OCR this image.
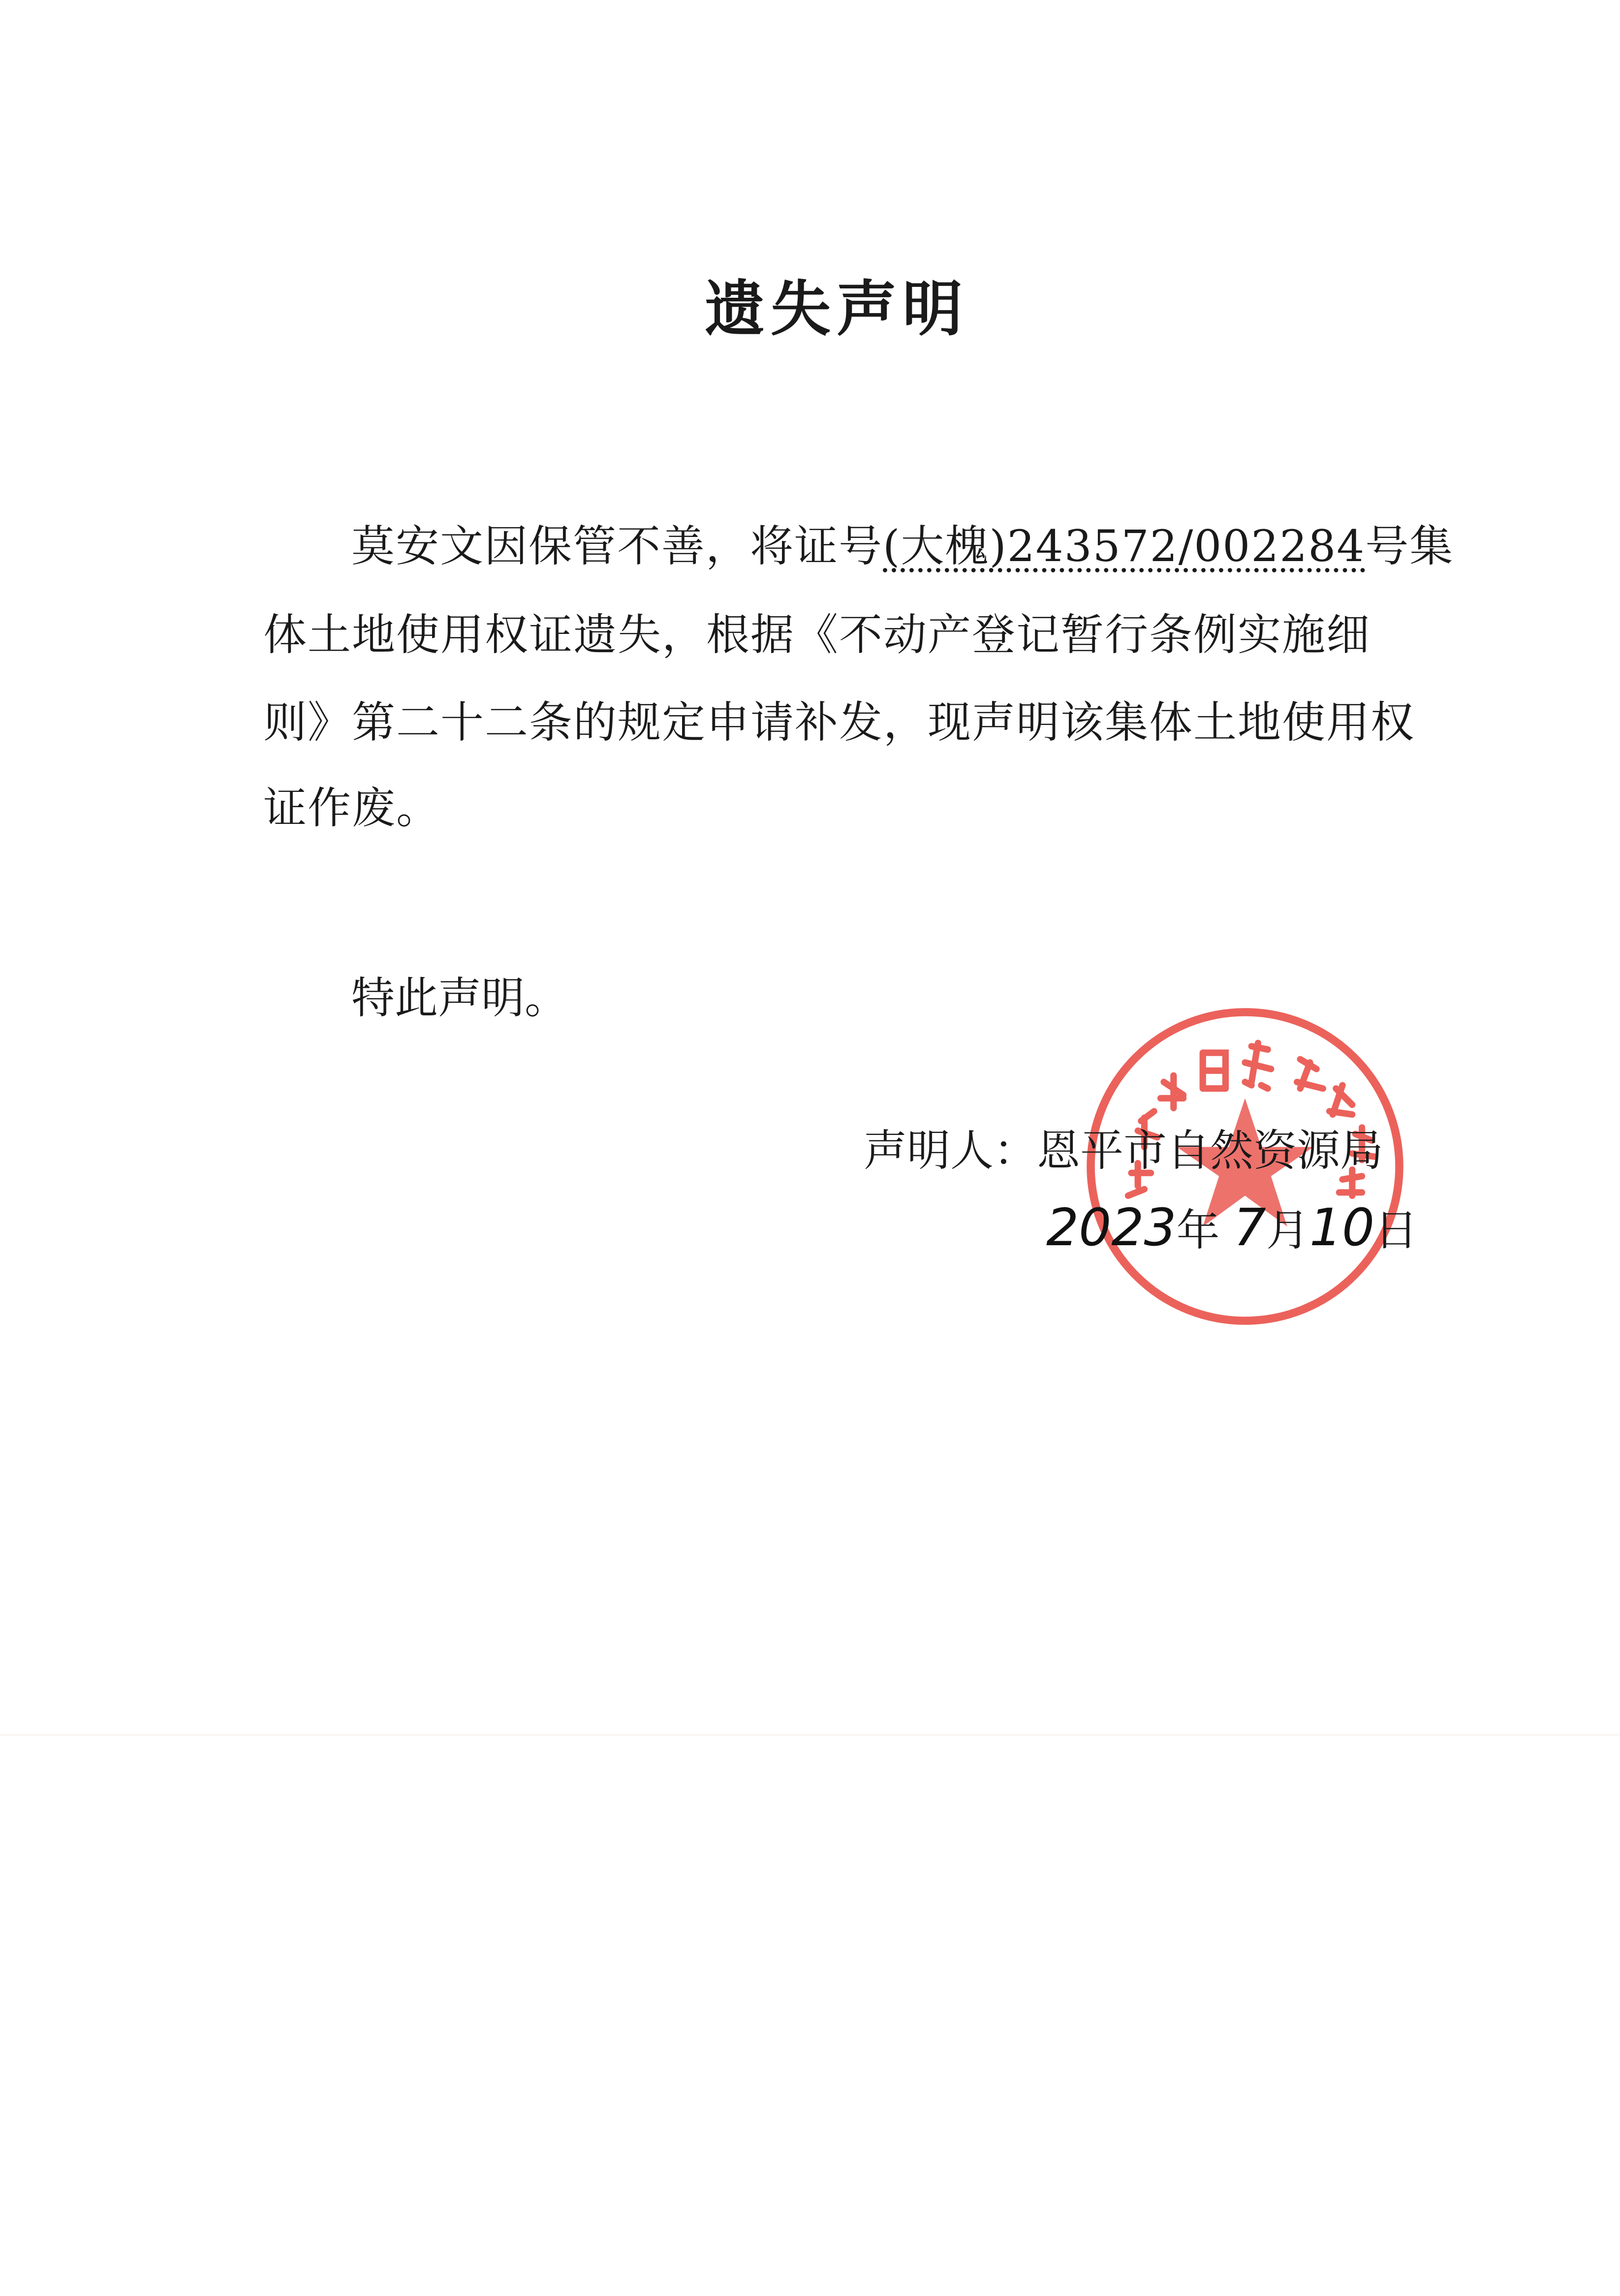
遗失声明
莫安文因保管不善，将证号(大槐)243572/002284号集
体土地使用权证遗失，根据《不动产登记暂行条例实施细
则》第二十二条的规定申请补发，现声明该集体土地使用权
证作废。
特此声明。
声明人：恩平市自然资源局
2023年 7月10日
